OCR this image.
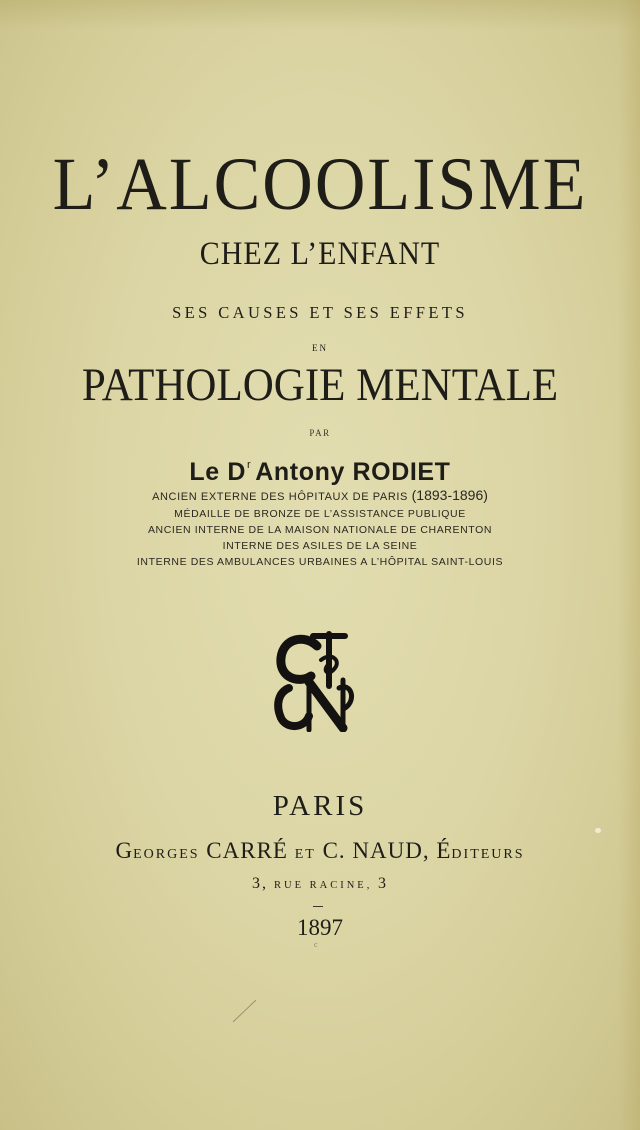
L’ALCOOLISME
CHEZ L’ENFANT
SES CAUSES ET SES EFFETS
EN
PATHOLOGIE MENTALE
PAR
Le $D^r$ Antony RODIET
ANCIEN EXTERNE DES HÔPITAUX DE PARIS (1893-1896)
MÉDAILLE DE BRONZE DE L’ASSISTANCE PUBLIQUE
ANCIEN INTERNE DE LA MAISON NATIONALE DE CHARENTON
INTERNE DES ASILES DE LA SEINE
INTERNE DES AMBULANCES URBAINES A L’HÔPITAL SAINT-LOUIS
PARIS
GEORGES CARRÉ ET C. NAUD, ÉDITEURS
3, RUE RACINE, 3
1897
c
